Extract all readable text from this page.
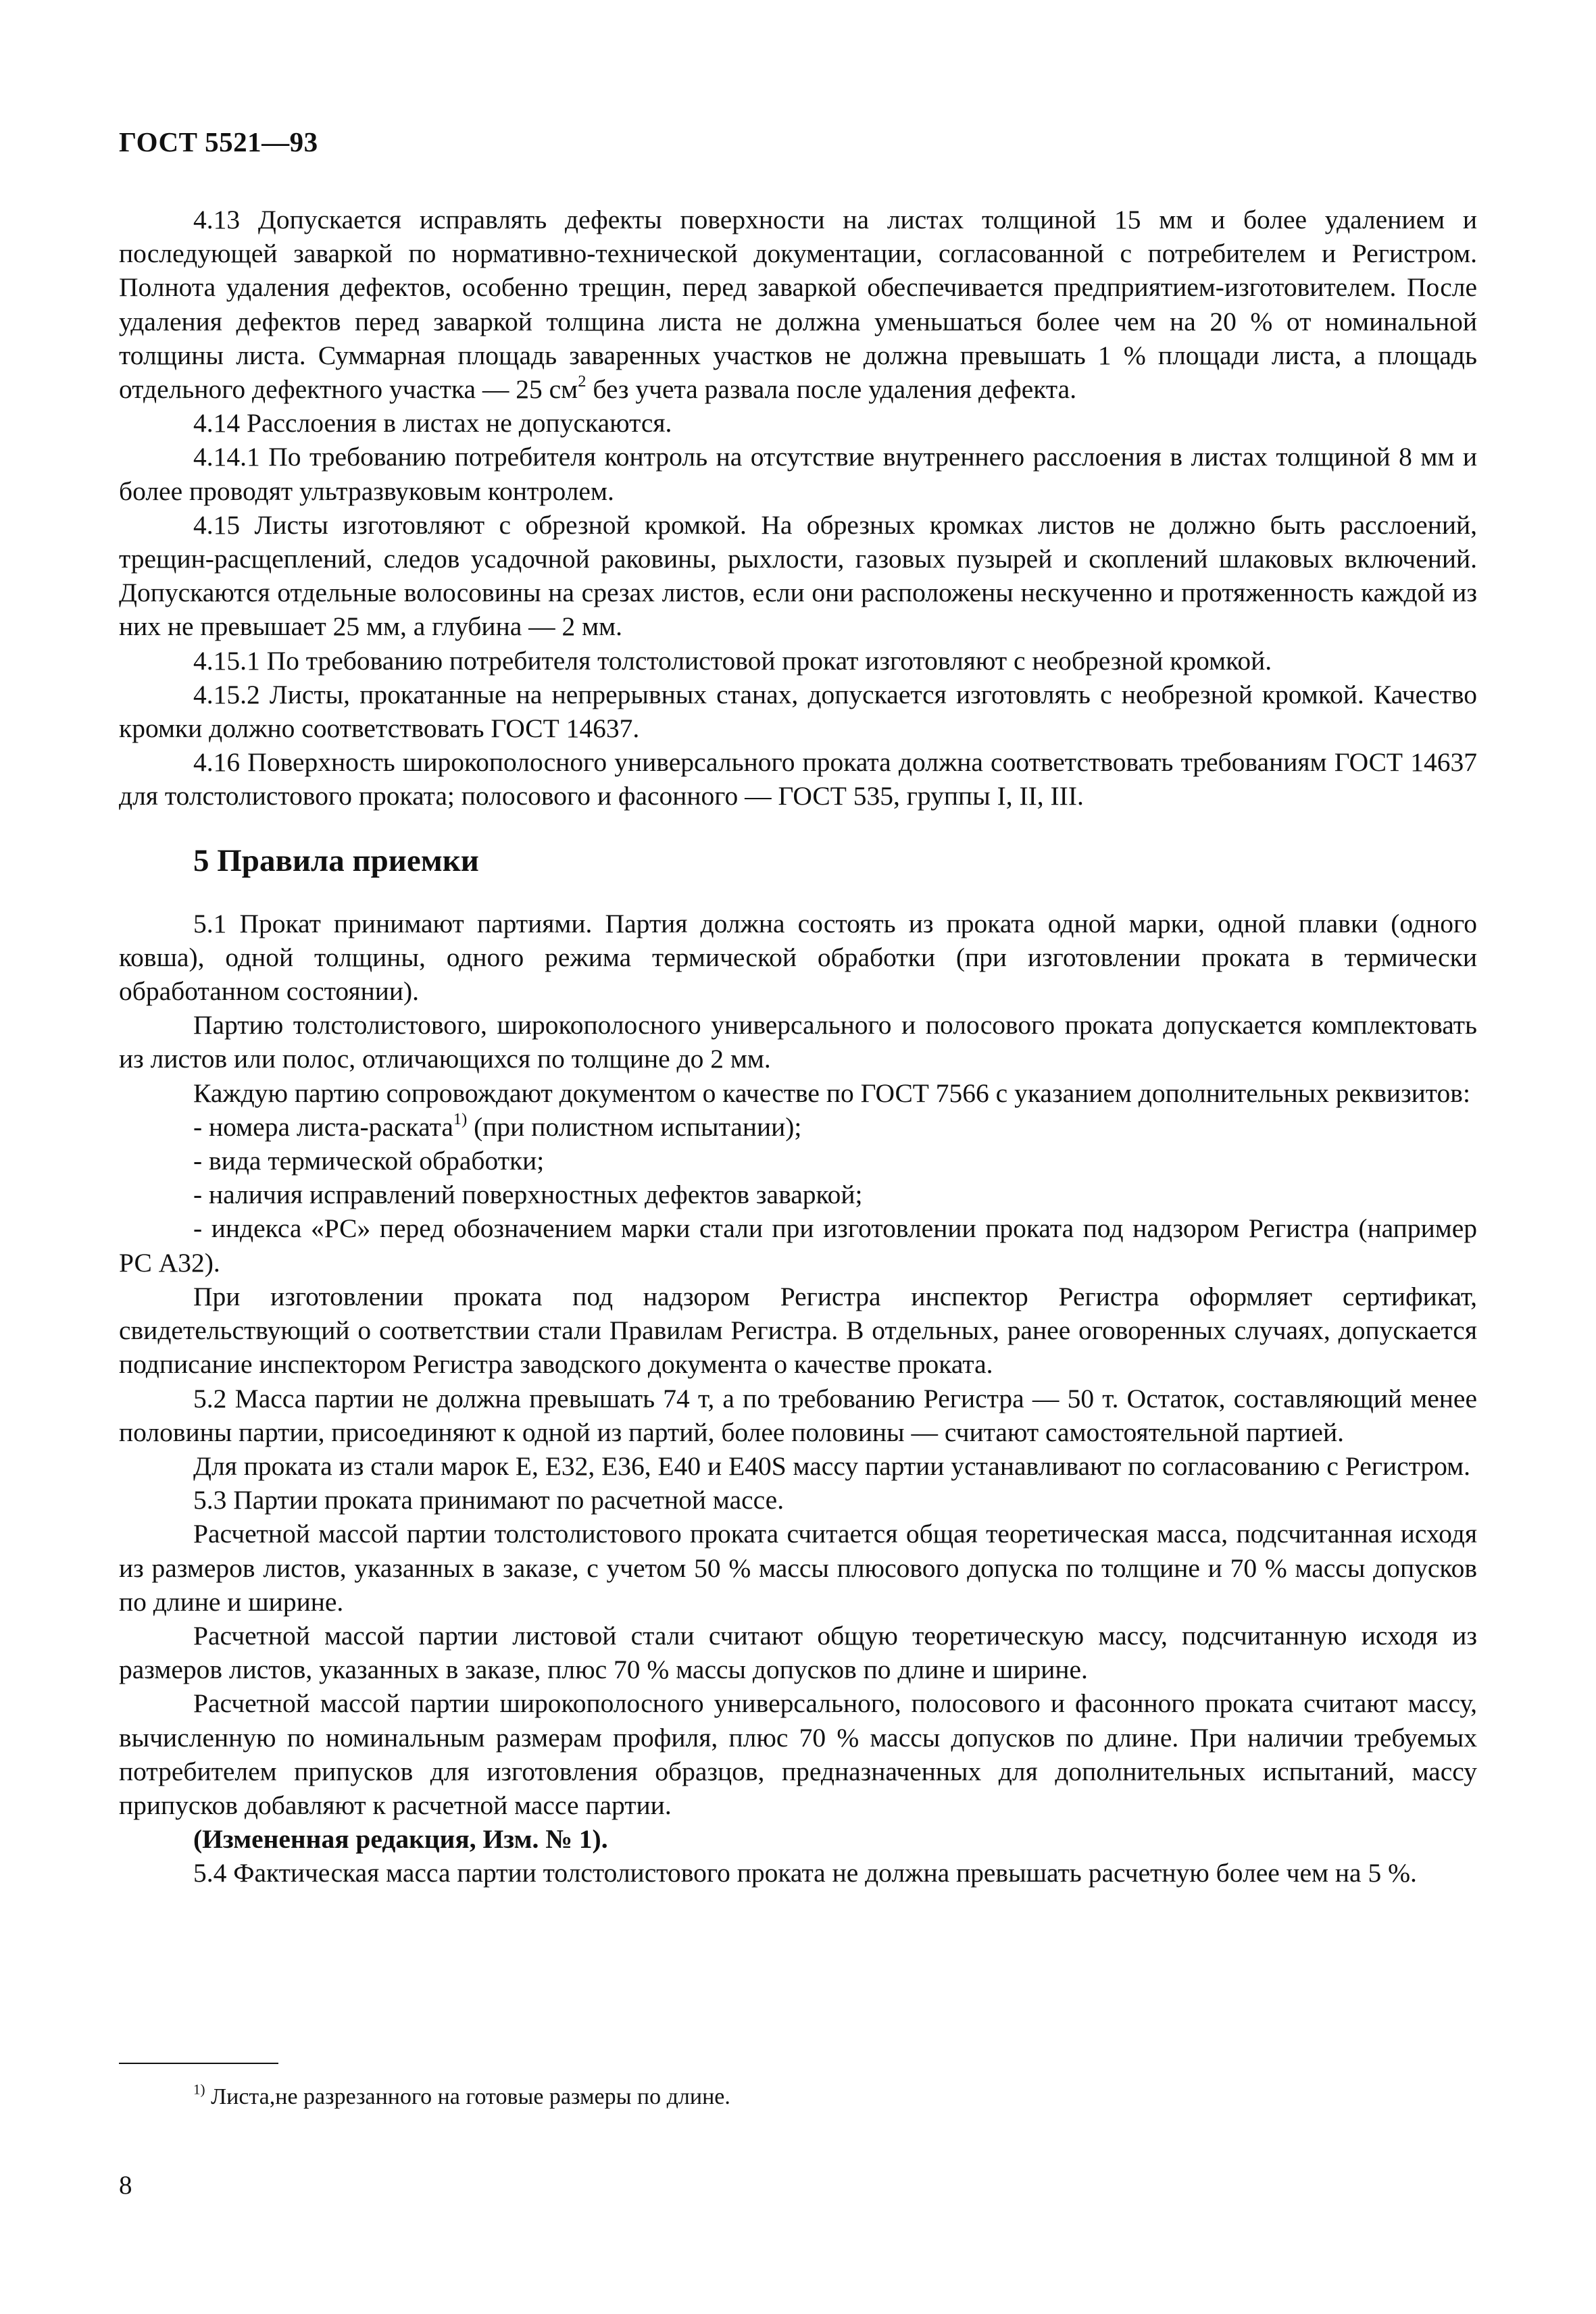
ГОСТ 5521—93

4.13 Допускается исправлять дефекты поверхности на листах толщиной 15 мм и более удалением и последующей заваркой по нормативно-технической документации, согласованной с потребителем и Регистром. Полнота удаления дефектов, особенно трещин, перед заваркой обеспечивается предприятием-изготовителем. После удаления дефектов перед заваркой толщина листа не должна уменьшаться более чем на 20 % от номинальной толщины листа. Суммарная площадь заваренных участков не должна превышать 1 % площади листа, а площадь отдельного дефектного участка — 25 $см^2$ без учета развала после удаления дефекта.

4.14 Расслоения в листах не допускаются.

4.14.1 По требованию потребителя контроль на отсутствие внутреннего расслоения в листах толщиной 8 мм и более проводят ультразвуковым контролем.

4.15 Листы изготовляют с обрезной кромкой. На обрезных кромках листов не должно быть расслоений, трещин-расщеплений, следов усадочной раковины, рыхлости, газовых пузырей и скоплений шлаковых включений. Допускаются отдельные волосовины на срезах листов, если они расположены нескученно и протяженность каждой из них не превышает 25 мм, а глубина — 2 мм.

4.15.1 По требованию потребителя толстолистовой прокат изготовляют с необрезной кромкой.

4.15.2 Листы, прокатанные на непрерывных станах, допускается изготовлять с необрезной кромкой. Качество кромки должно соответствовать ГОСТ 14637.

4.16 Поверхность широкополосного универсального проката должна соответствовать требованиям ГОСТ 14637 для толстолистового проката; полосового и фасонного — ГОСТ 535, группы I, II, III.

5 Правила приемки

5.1 Прокат принимают партиями. Партия должна состоять из проката одной марки, одной плавки (одного ковша), одной толщины, одного режима термической обработки (при изготовлении проката в термически обработанном состоянии).

Партию толстолистового, широкополосного универсального и полосового проката допускается комплектовать из листов или полос, отличающихся по толщине до 2 мм.

Каждую партию сопровождают документом о качестве по ГОСТ 7566 с указанием дополнительных реквизитов:

- номера листа-раската$^{1)}$ (при полистном испытании);

- вида термической обработки;

- наличия исправлений поверхностных дефектов заваркой;

- индекса «РС» перед обозначением марки стали при изготовлении проката под надзором Регистра (например РС А32).

При изготовлении проката под надзором Регистра инспектор Регистра оформляет сертификат, свидетельствующий о соответствии стали Правилам Регистра. В отдельных, ранее оговоренных случаях, допускается подписание инспектором Регистра заводского документа о качестве проката.

5.2 Масса партии не должна превышать 74 т, а по требованию Регистра — 50 т. Остаток, составляющий менее половины партии, присоединяют к одной из партий, более половины — считают самостоятельной партией.

Для проката из стали марок E, E32, E36, E40 и E40S массу партии устанавливают по согласованию с Регистром.

5.3 Партии проката принимают по расчетной массе.

Расчетной массой партии толстолистового проката считается общая теоретическая масса, подсчитанная исходя из размеров листов, указанных в заказе, с учетом 50 % массы плюсового допуска по толщине и 70 % массы допусков по длине и ширине.

Расчетной массой партии листовой стали считают общую теоретическую массу, подсчитанную исходя из размеров листов, указанных в заказе, плюс 70 % массы допусков по длине и ширине.

Расчетной массой партии широкополосного универсального, полосового и фасонного проката считают массу, вычисленную по номинальным размерам профиля, плюс 70 % массы допусков по длине. При наличии требуемых потребителем припусков для изготовления образцов, предназначенных для дополнительных испытаний, массу припусков добавляют к расчетной массе партии.

(Измененная редакция, Изм. № 1).

5.4 Фактическая масса партии толстолистового проката не должна превышать расчетную более чем на 5 %.

$^{1)}$ Листа,не разрезанного на готовые размеры по длине.
8
